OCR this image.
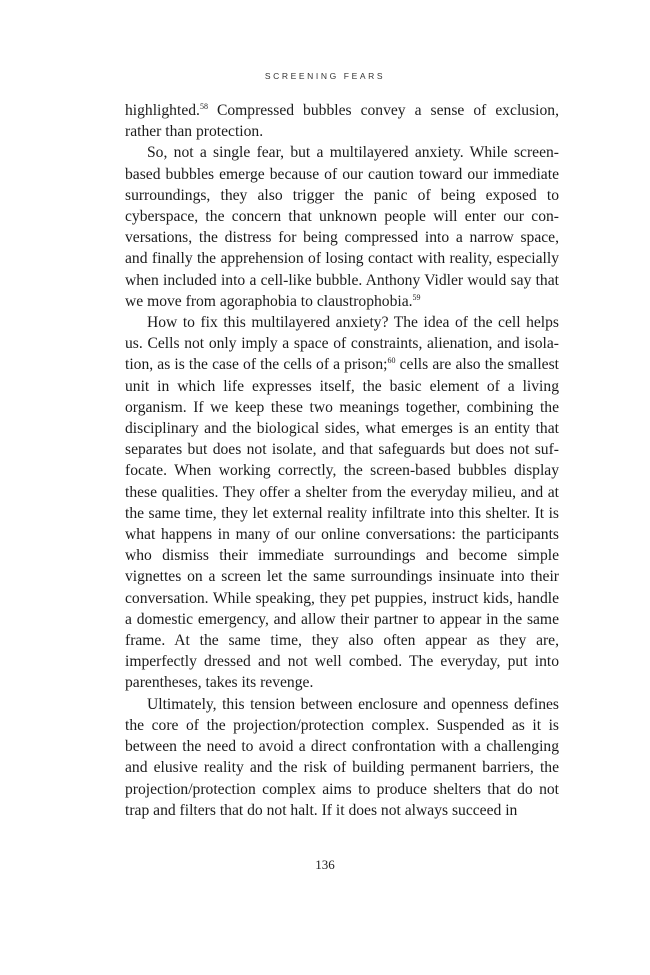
SCREENING FEARS

highlighted.$^{58}$ Compressed bubbles convey a sense of exclusion, rather than protection.

So, not a single fear, but a multilayered anxiety. While screen-based bubbles emerge because of our caution toward our immediate surroundings, they also trigger the panic of being exposed to cyberspace, the concern that unknown people will enter our conversations, the distress for being compressed into a narrow space, and finally the apprehension of losing contact with reality, especially when included into a cell-like bubble. Anthony Vidler would say that we move from agoraphobia to claustrophobia.$^{59}$

How to fix this multilayered anxiety? The idea of the cell helps us. Cells not only imply a space of constraints, alienation, and isolation, as is the case of the cells of a prison;$^{60}$ cells are also the smallest unit in which life expresses itself, the basic element of a living organism. If we keep these two meanings together, combining the disciplinary and the biological sides, what emerges is an entity that separates but does not isolate, and that safeguards but does not suffocate. When working correctly, the screen-based bubbles display these qualities. They offer a shelter from the everyday milieu, and at the same time, they let external reality infiltrate into this shelter. It is what happens in many of our online conversations: the participants who dismiss their immediate surroundings and become simple vignettes on a screen let the same surroundings insinuate into their conversation. While speaking, they pet puppies, instruct kids, handle a domestic emergency, and allow their partner to appear in the same frame. At the same time, they also often appear as they are, imperfectly dressed and not well combed. The everyday, put into parentheses, takes its revenge.

Ultimately, this tension between enclosure and openness defines the core of the projection/protection complex. Suspended as it is between the need to avoid a direct confrontation with a challenging and elusive reality and the risk of building permanent barriers, the projection/protection complex aims to produce shelters that do not trap and filters that do not halt. If it does not always succeed in

136
